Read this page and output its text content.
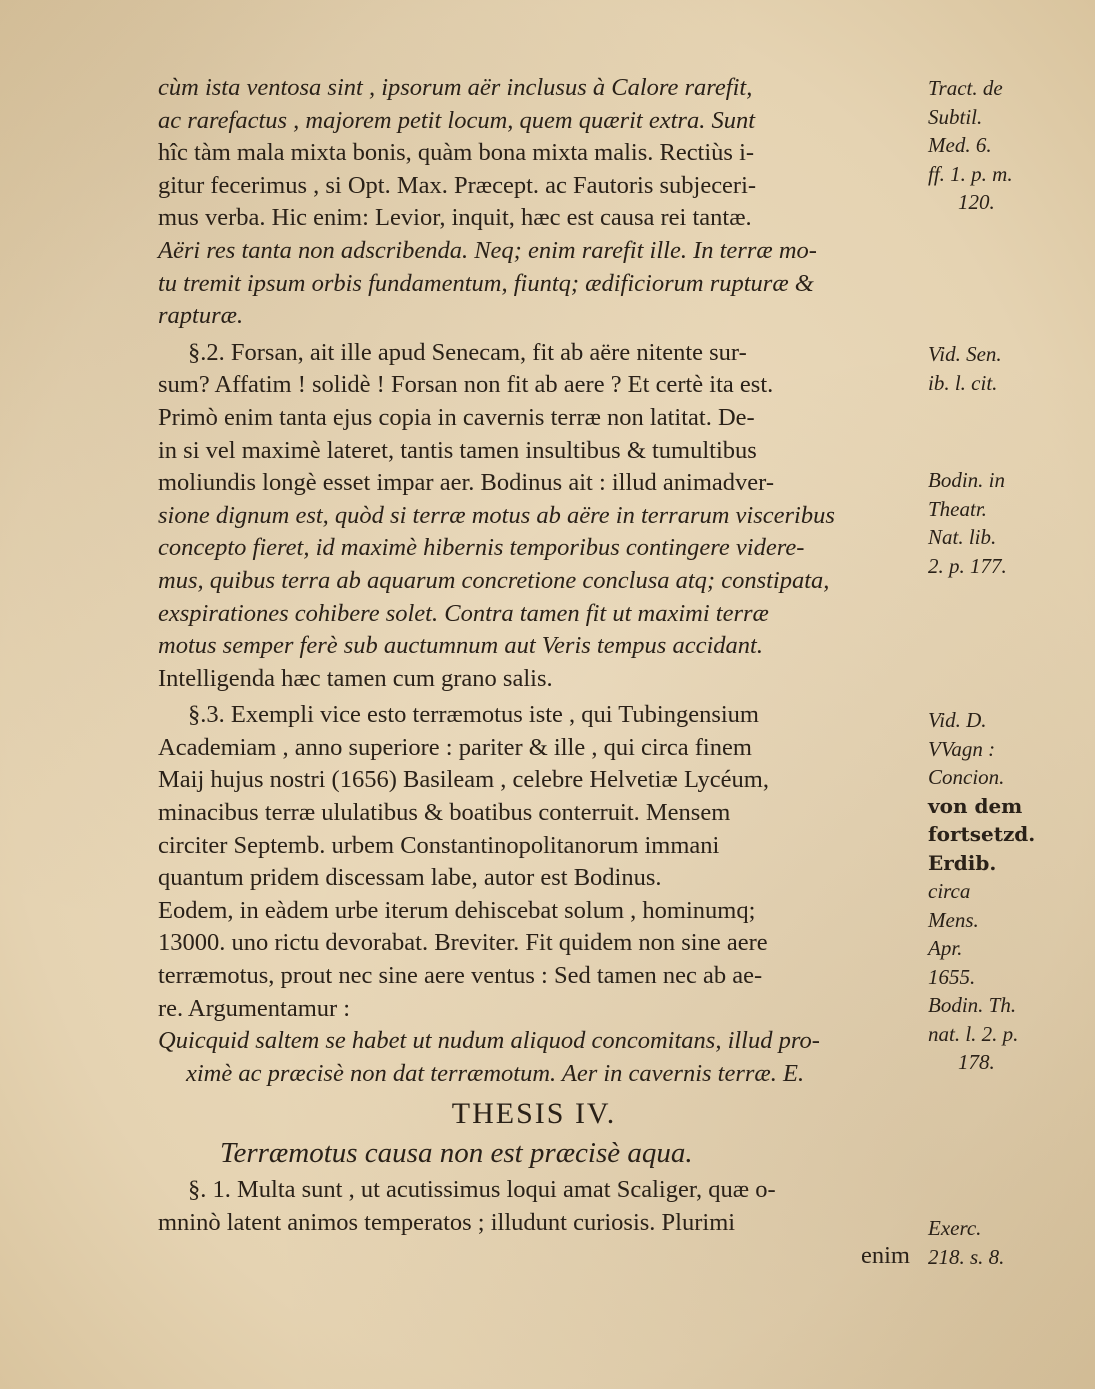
cùm ista ventosa sint , ipsorum aër inclusus à Calore rarefit,
ac rarefactus , majorem petit locum, quem quærit extra. Sunt
hîc tàm mala mixta bonis, quàm bona mixta malis. Rectiùs i-
gitur fecerimus , si Opt. Max. Præcept. ac Fautoris subjeceri-
mus verba. Hic enim: Levior, inquit, hæc est causa rei tantæ.
Aëri res tanta non adscribenda. Neq; enim rarefit ille. In terræ mo-
tu tremit ipsum orbis fundamentum, fiuntq; ædificiorum rupturæ &
rapturæ.
§.2. Forsan, ait ille apud Senecam, fit ab aëre nitente sur-
sum? Affatim ! solidè ! Forsan non fit ab aere ? Et certè ita est.
Primò enim tanta ejus copia in cavernis terræ non latitat. De-
in si vel maximè lateret, tantis tamen insultibus & tumultibus
moliundis longè esset impar aer. Bodinus ait : illud animadver-
sione dignum est, quòd si terræ motus ab aëre in terrarum visceribus
concepto fieret, id maximè hibernis temporibus contingere videre-
mus, quibus terra ab aquarum concretione conclusa atq; constipata,
exspirationes cohibere solet. Contra tamen fit ut maximi terræ
motus semper ferè sub auctumnum aut Veris tempus accidant.
Intelligenda hæc tamen cum grano salis.
§.3. Exempli vice esto terræmotus iste , qui Tubingensium
Academiam , anno superiore : pariter & ille , qui circa finem
Maij hujus nostri (1656) Basileam , celebre Helvetiæ Lycéum,
minacibus terræ ululatibus & boatibus conterruit. Mensem
circiter Septemb. urbem Constantinopolitanorum immani
quantum pridem discessam labe, autor est Bodinus.
Eodem, in eàdem urbe iterum dehiscebat solum , hominumq;
13000. uno rictu devorabat. Breviter. Fit quidem non sine aere
terræmotus, prout nec sine aere ventus : Sed tamen nec ab ae-
re. Argumentamur :
Quicquid saltem se habet ut nudum aliquod concomitans, illud pro-
ximè ac præcisè non dat terræmotum. Aer in cavernis terræ. E.
THESIS IV.
Terræmotus causa non est præcisè aqua.
§. 1. Multa sunt , ut acutissimus loqui amat Scaliger, quæ o-
mninò latent animos temperatos ; illudunt curiosis. Plurimi
enim
Tract. de
Subtil.
Med. 6.
ff. 1. p. m.
120.
Vid. Sen.
ib. l. cit.
Bodin. in
Theatr.
Nat. lib.
2. p. 177.
Vid. D.
VVagn :
Concion.
von dem
fortsetzd.
Erdib.
circa
Mens.
Apr.
1655.
Bodin. Th.
nat. l. 2. p.
178.
Exerc.
218. s. 8.
